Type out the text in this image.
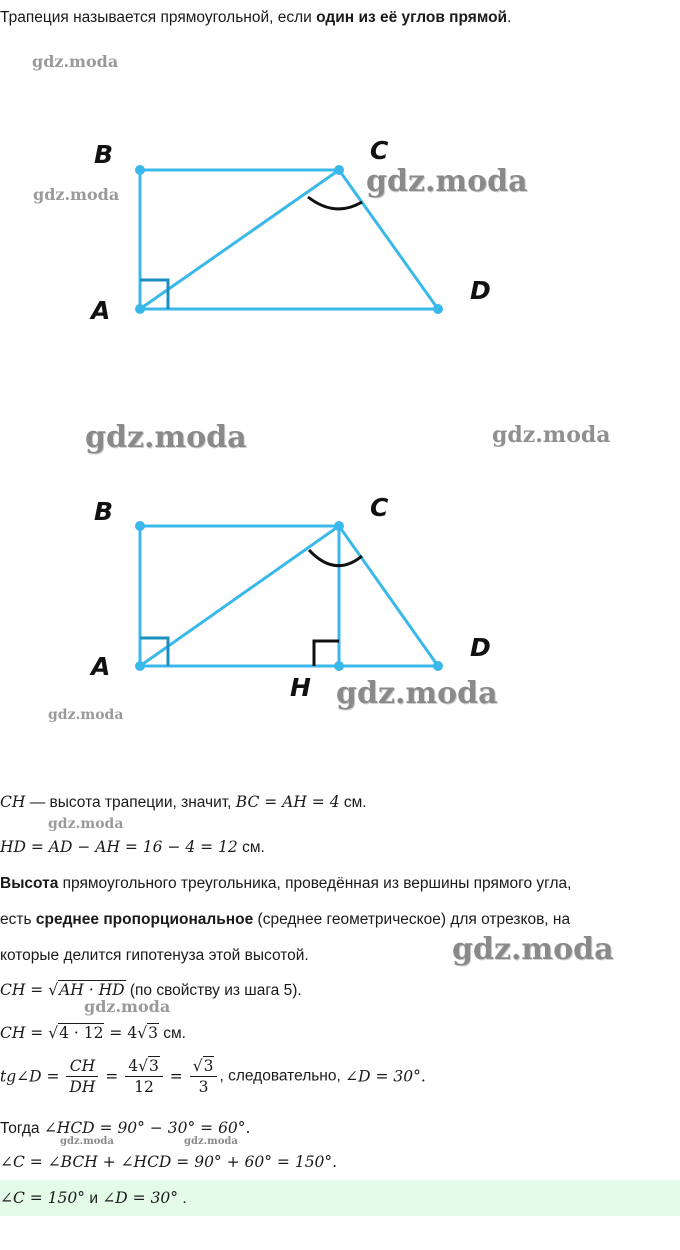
Трапеция называется прямоугольной, если один из её углов прямой.
gdz.moda
gdz.moda	gdz.moda
gdz.moda	gdz.moda
gdz.moda
gdz.moda
gdz.moda
gdz.moda
gdz.moda
gdz.moda	gdz.moda
B	C
A
D
B	C
A
D
H
CH — высота трапеции, значит, BC = AH = 4 см.
HD = AD − AH = 16 − 4 = 12 см.
Высота прямоугольного треугольника, проведённая из вершины прямого угла,
есть среднее пропорциональное (среднее геометрическое) для отрезков, на
которые делится гипотенуза этой высотой.
CH = √AH · HD (по свойству из шага 5).
CH = √4 · 12 = 4√3 см.
tg∠D = $\frac{CH}{DH} = \frac{4√3}{12} = \frac{√3}{3}$ , следовательно, ∠D = 30°.
Тогда ∠HCD = 90° − 30° = 60°.
∠C = ∠BCH + ∠HCD = 90° + 60° = 150°.
∠C = 150° и ∠D = 30° .
